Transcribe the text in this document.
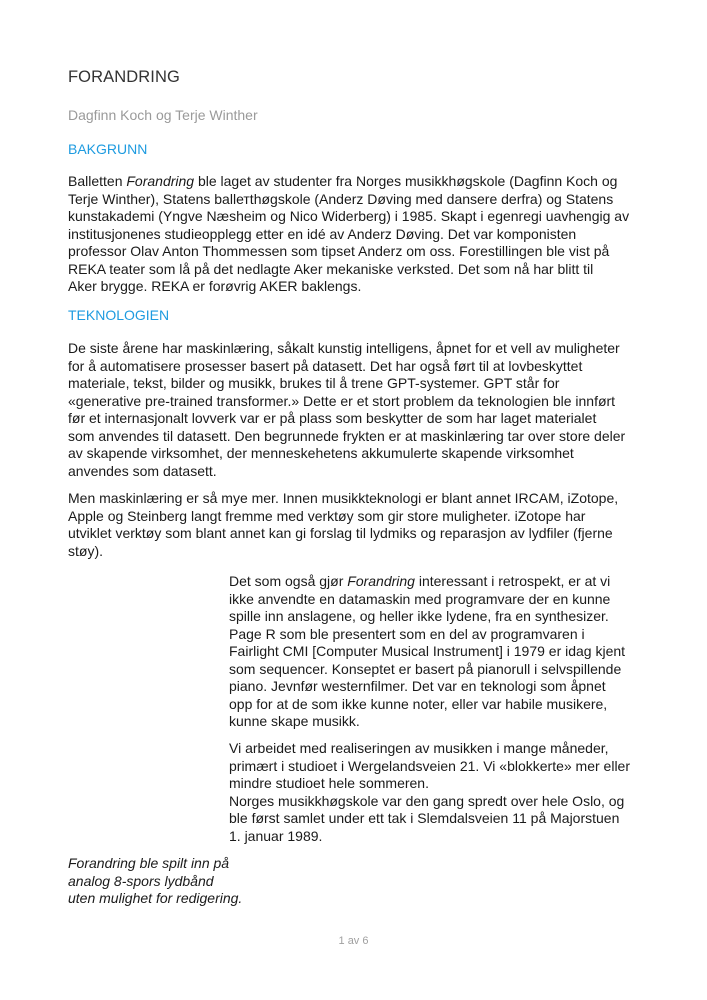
FORANDRING

Dagfinn Koch og Terje Winther

BAKGRUNN
Balletten Forandring ble laget av studenter fra Norges musikkhøgskole (Dagfinn Koch og
Terje Winther), Statens ballетthøgskole (Anderz Døving med dansere derfra) og Statens
kunstakademi (Yngve Næsheim og Nico Widerberg) i 1985. Skapt i egenregi uavhengig av
institusjonenes studieopplegg etter en idé av Anderz Døving. Det var komponisten
professor Olav Anton Thommessen som tipset Anderz om oss. Forestillingen ble vist på
REKA teater som lå på det nedlagte Aker mekaniske verksted. Det som nå har blitt til
Aker brygge. REKA er forøvrig AKER baklengs.
TEKNOLOGIEN
De siste årene har maskinlæring, såkalt kunstig intelligens, åpnet for et vell av muligheter
for å automatisere prosesser basert på datasett. Det har også ført til at lovbeskyttet
materiale, tekst, bilder og musikk, brukes til å trene GPT-systemer. GPT står for
«generative pre-trained transformer.» Dette er et stort problem da teknologien ble innført
før et internasjonalt lovverk var er på plass som beskytter de som har laget materialet
som anvendes til datasett. Den begrunnede frykten er at maskinlæring tar over store deler
av skapende virksomhet, der menneskehetens akkumulerte skapende virksomhet
anvendes som datasett.
Men maskinlæring er så mye mer. Innen musikkteknologi er blant annet IRCAM, iZotope,
Apple og Steinberg langt fremme med verktøy som gir store muligheter. iZotope har
utviklet verktøy som blant annet kan gi forslag til lydmiks og reparasjon av lydfiler (fjerne
støy).
Det som også gjør Forandring interessant i retrospekt, er at vi
ikke anvendte en datamaskin med programvare der en kunne
spille inn anslagene, og heller ikke lydene, fra en synthesizer.
Page R som ble presentert som en del av programvaren i
Fairlight CMI [Computer Musical Instrument] i 1979 er idag kjent
som sequencer. Konseptet er basert på pianorull i selvspillende
piano. Jevnfør westernfilmer. Det var en teknologi som åpnet
opp for at de som ikke kunne noter, eller var habile musikere,
kunne skape musikk.
Vi arbeidet med realiseringen av musikken i mange måneder,
primært i studioet i Wergelandsveien 21. Vi «blokkerte» mer eller
mindre studioet hele sommeren.
Norges musikkhøgskole var den gang spredt over hele Oslo, og
ble først samlet under ett tak i Slemdalsveien 11 på Majorstuen
1. januar 1989.
Forandring ble spilt inn på
analog 8-spors lydbånd
uten mulighet for redigering.
1 av 6
